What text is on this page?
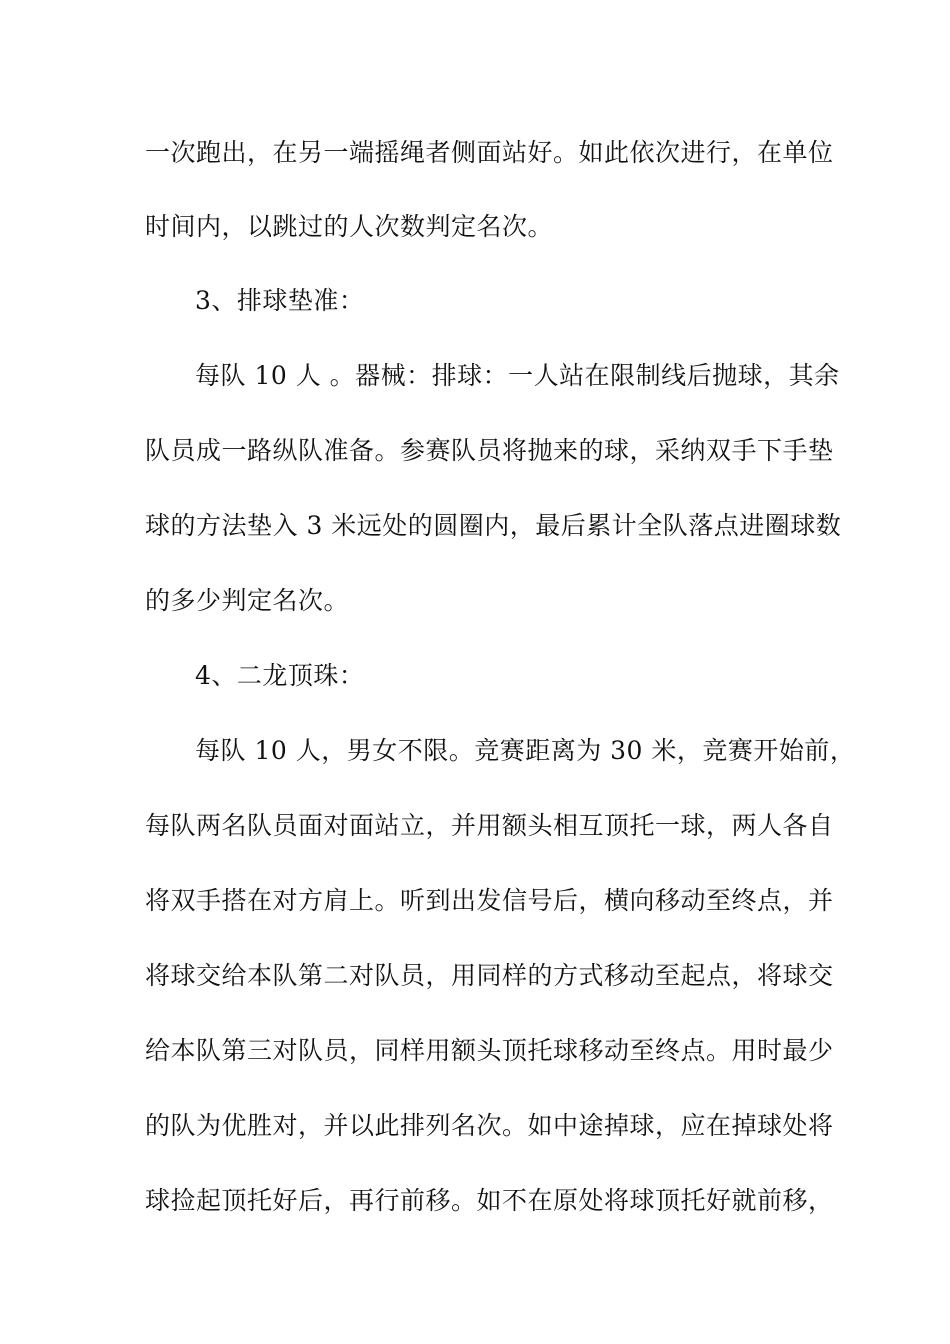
一次跑出，在另一端摇绳者侧面站好。如此依次进行，在单位
时间内，以跳过的人次数判定名次。
3、排球垫准：
每队 10 人 。器械：排球：一人站在限制线后抛球，其余
队员成一路纵队准备。参赛队员将抛来的球，采纳双手下手垫
球的方法垫入 3 米远处的圆圈内，最后累计全队落点进圈球数
的多少判定名次。
4、二龙顶珠：
每队 10 人，男女不限。竞赛距离为 30 米，竞赛开始前，
每队两名队员面对面站立，并用额头相互顶托一球，两人各自
将双手搭在对方肩上。听到出发信号后，横向移动至终点，并
将球交给本队第二对队员，用同样的方式移动至起点，将球交
给本队第三对队员，同样用额头顶托球移动至终点。用时最少
的队为优胜对，并以此排列名次。如中途掉球，应在掉球处将
球捡起顶托好后，再行前移。如不在原处将球顶托好就前移，
